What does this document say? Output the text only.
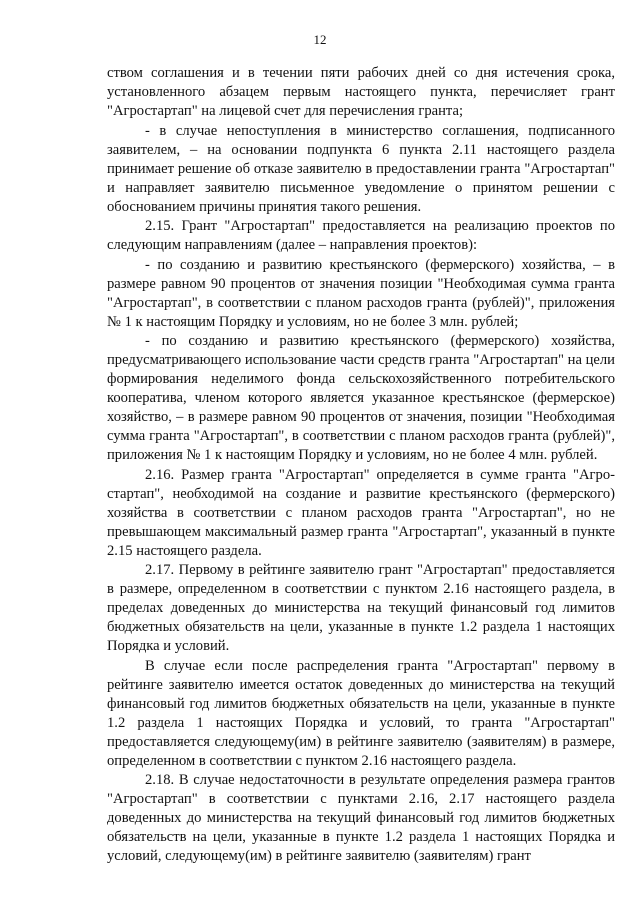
12

ством соглашения и в течении пяти рабочих дней со дня истечения срока, установленного абзацем первым настоящего пункта, перечисляет грант "Агростартап" на лицевой счет для перечисления гранта;

- в случае непоступления в министерство соглашения, подписанного заявителем, – на основании подпункта 6 пункта 2.11 настоящего раздела принимает решение об отказе заявителю в предоставлении гранта "Агростартап" и направляет заявителю письменное уведомление о принятом решении с обоснованием причины принятия такого решения.

2.15. Грант "Агростартап" предоставляется на реализацию проектов по следующим направлениям (далее – направления проектов):

- по созданию и развитию крестьянского (фермерского) хозяйства, – в размере равном 90 процентов от значения позиции "Необходимая сумма гранта "Агростартап", в соответствии с планом расходов гранта (рублей)", приложения № 1 к настоящим Порядку и условиям, но не более 3 млн. рублей;

- по созданию и развитию крестьянского (фермерского) хозяйства, предусматривающего использование части средств гранта "Агростартап" на цели формирования неделимого фонда сельскохозяйственного потребительского кооператива, членом которого является указанное крестьянское (фермерское) хозяйство, – в размере равном 90 процентов от значения, позиции "Необходимая сумма гранта "Агростартап", в соответствии с планом расходов гранта (рублей)", приложения № 1 к настоящим Порядку и условиям, но не более 4 млн. рублей.

2.16. Размер гранта "Агростартап" определяется в сумме гранта "Агростартап", необходимой на создание и развитие крестьянского (фермерского) хозяйства в соответствии с планом расходов гранта "Агростартап", но не превышающем максимальный размер гранта "Агростартап", указанный в пункте 2.15 настоящего раздела.

2.17. Первому в рейтинге заявителю грант "Агростартап" предоставляется в размере, определенном в соответствии с пунктом 2.16 настоящего раздела, в пределах доведенных до министерства на текущий финансовый год лимитов бюджетных обязательств на цели, указанные в пункте 1.2 раздела 1 настоящих Порядка и условий.

В случае если после распределения гранта "Агростартап" первому в рейтинге заявителю имеется остаток доведенных до министерства на текущий финансовый год лимитов бюджетных обязательств на цели, указанные в пункте 1.2 раздела 1 настоящих Порядка и условий, то гранта "Агростартап" предоставляется следующему(им) в рейтинге заявителю (заявителям) в размере, определенном в соответствии с пунктом 2.16 настоящего раздела.

2.18. В случае недостаточности в результате определения размера грантов "Агростартап" в соответствии с пунктами 2.16, 2.17 настоящего раздела доведенных до министерства на текущий финансовый год лимитов бюджетных обязательств на цели, указанные в пункте 1.2 раздела 1 настоящих Порядка и условий, следующему(им) в рейтинге заявителю (заявителям) грант
